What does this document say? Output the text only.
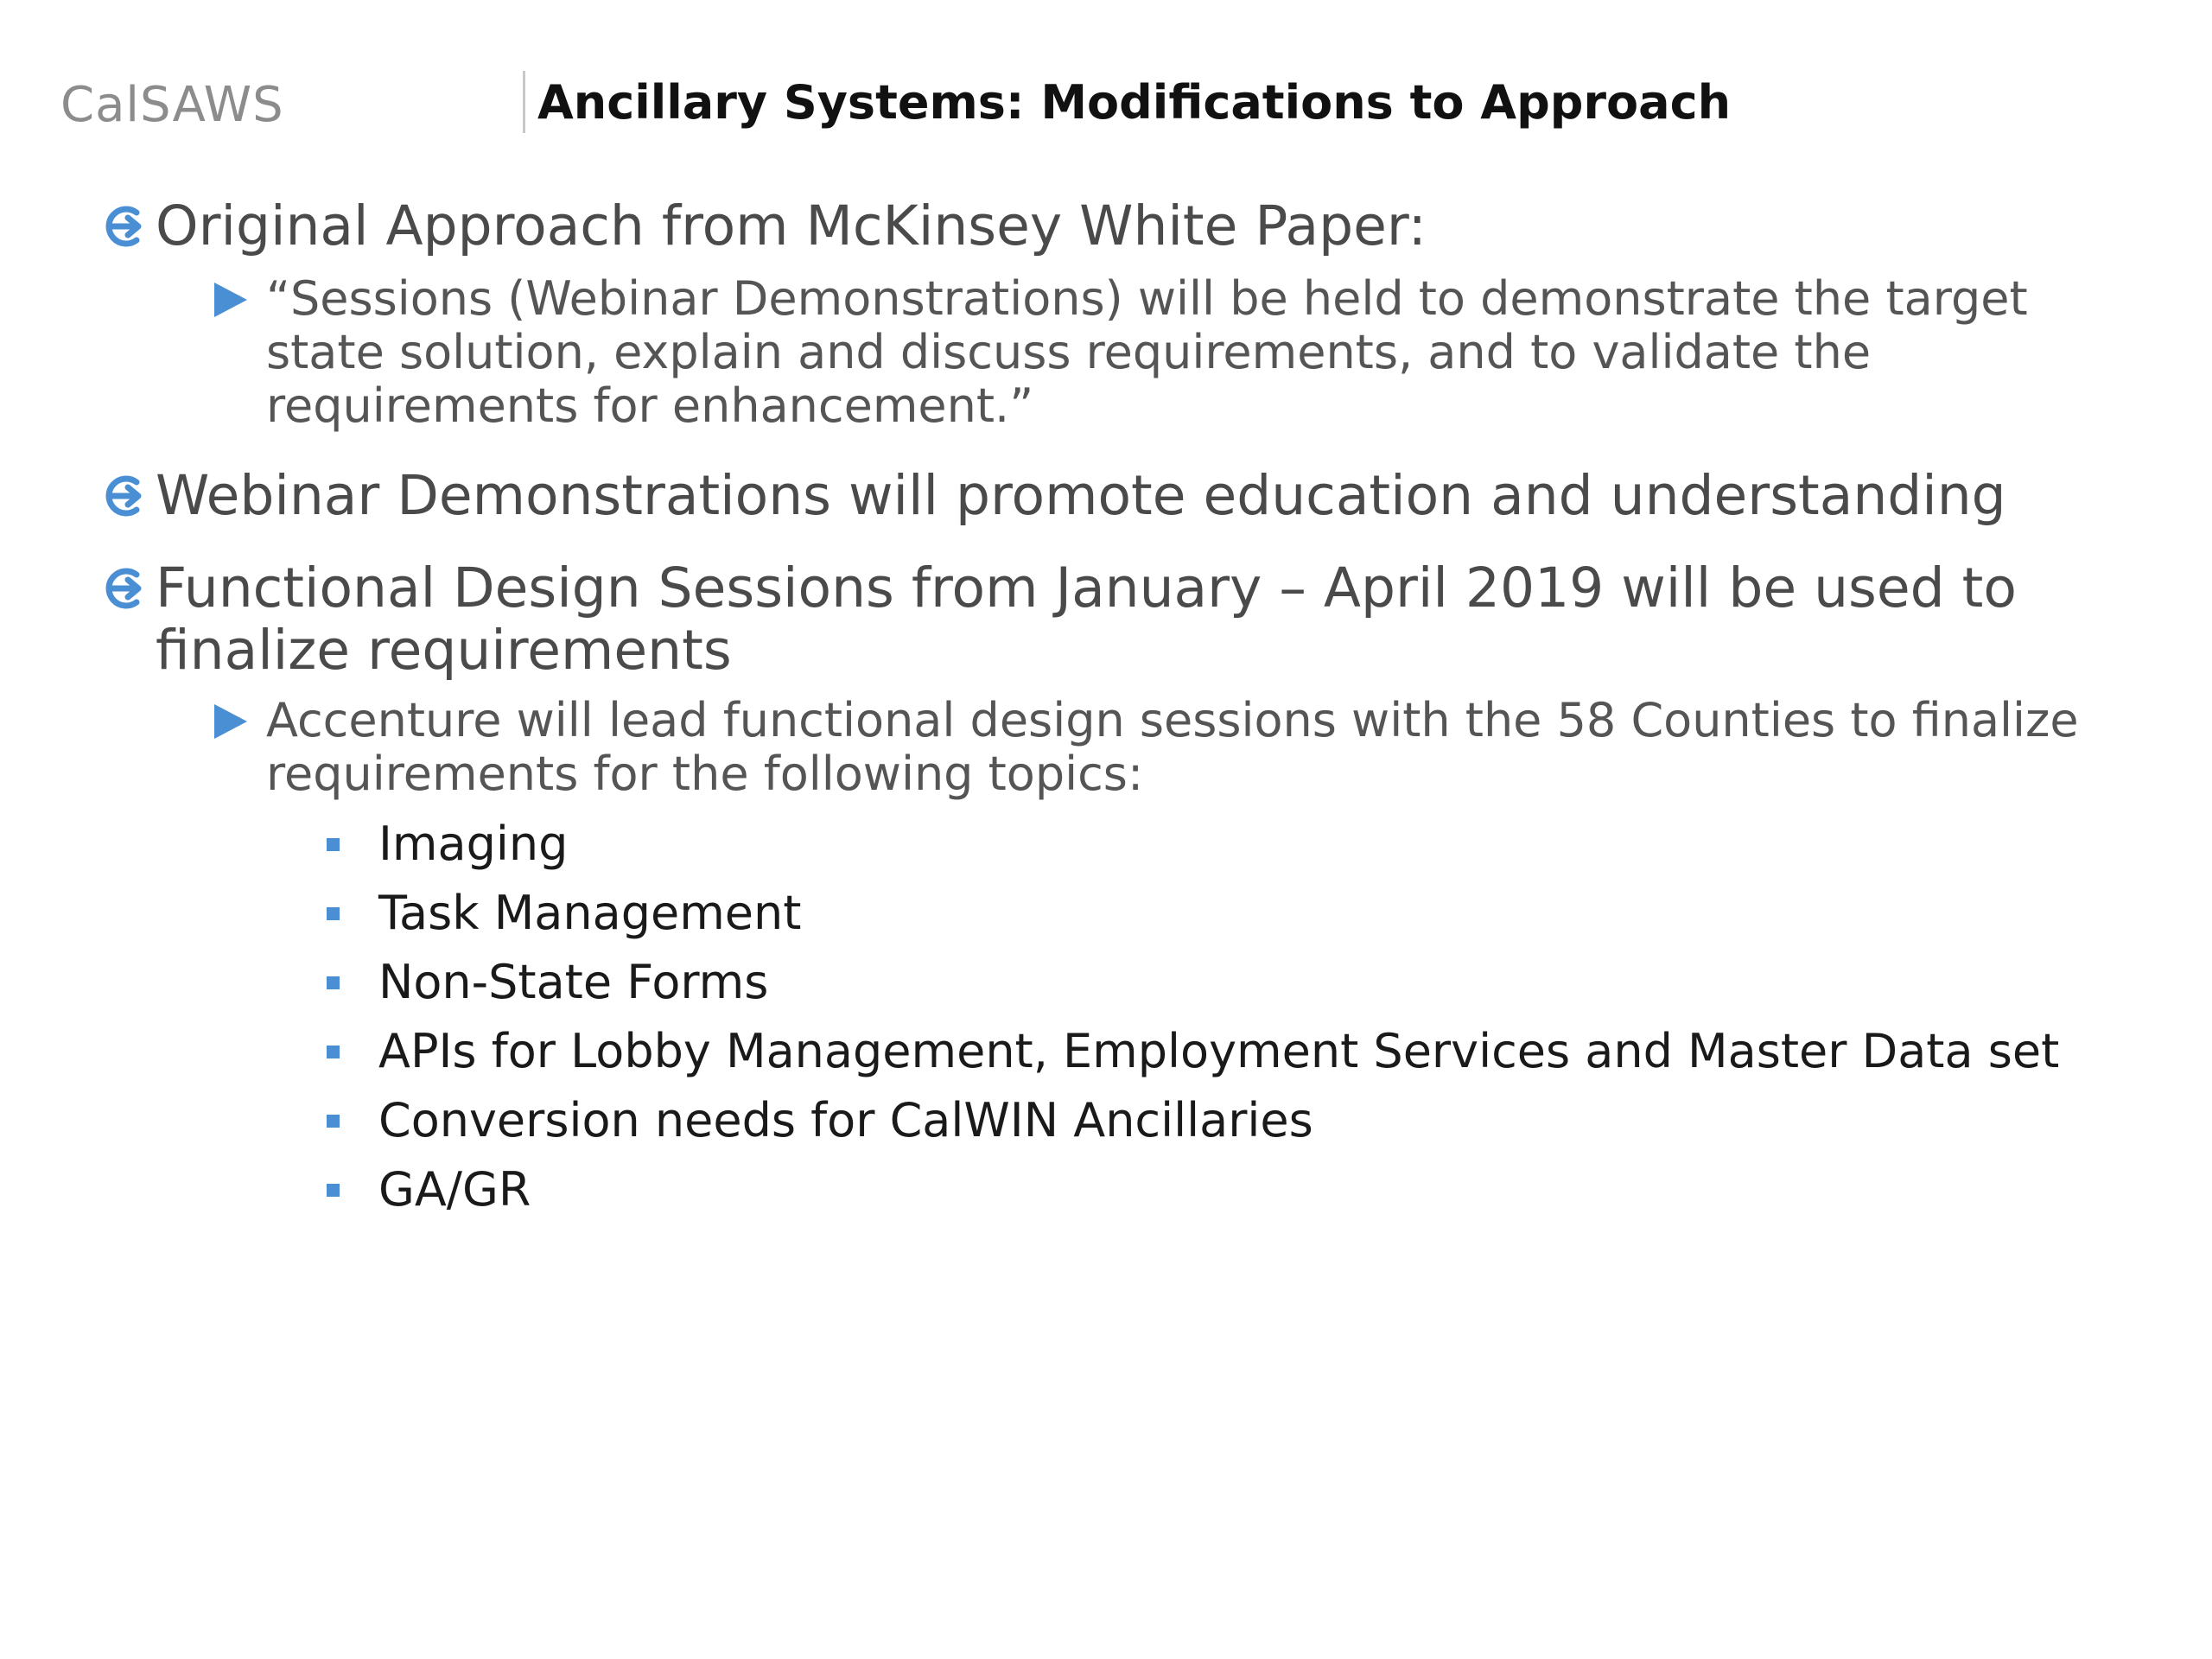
CalSAWS	Ancillary Systems: Modifications to Approach
Original Approach from McKinsey White Paper:
“Sessions (Webinar Demonstrations) will be held to demonstrate the target state solution, explain and discuss requirements, and to validate the requirements for enhancement.”
Webinar Demonstrations will promote education and understanding
Functional Design Sessions from January – April 2019 will be used to finalize requirements
Accenture will lead functional design sessions with the 58 Counties to finalize requirements for the following topics:
Imaging
Task Management
Non-State Forms
APIs for Lobby Management, Employment Services and Master Data set
Conversion needs for CalWIN Ancillaries
GA/GR
